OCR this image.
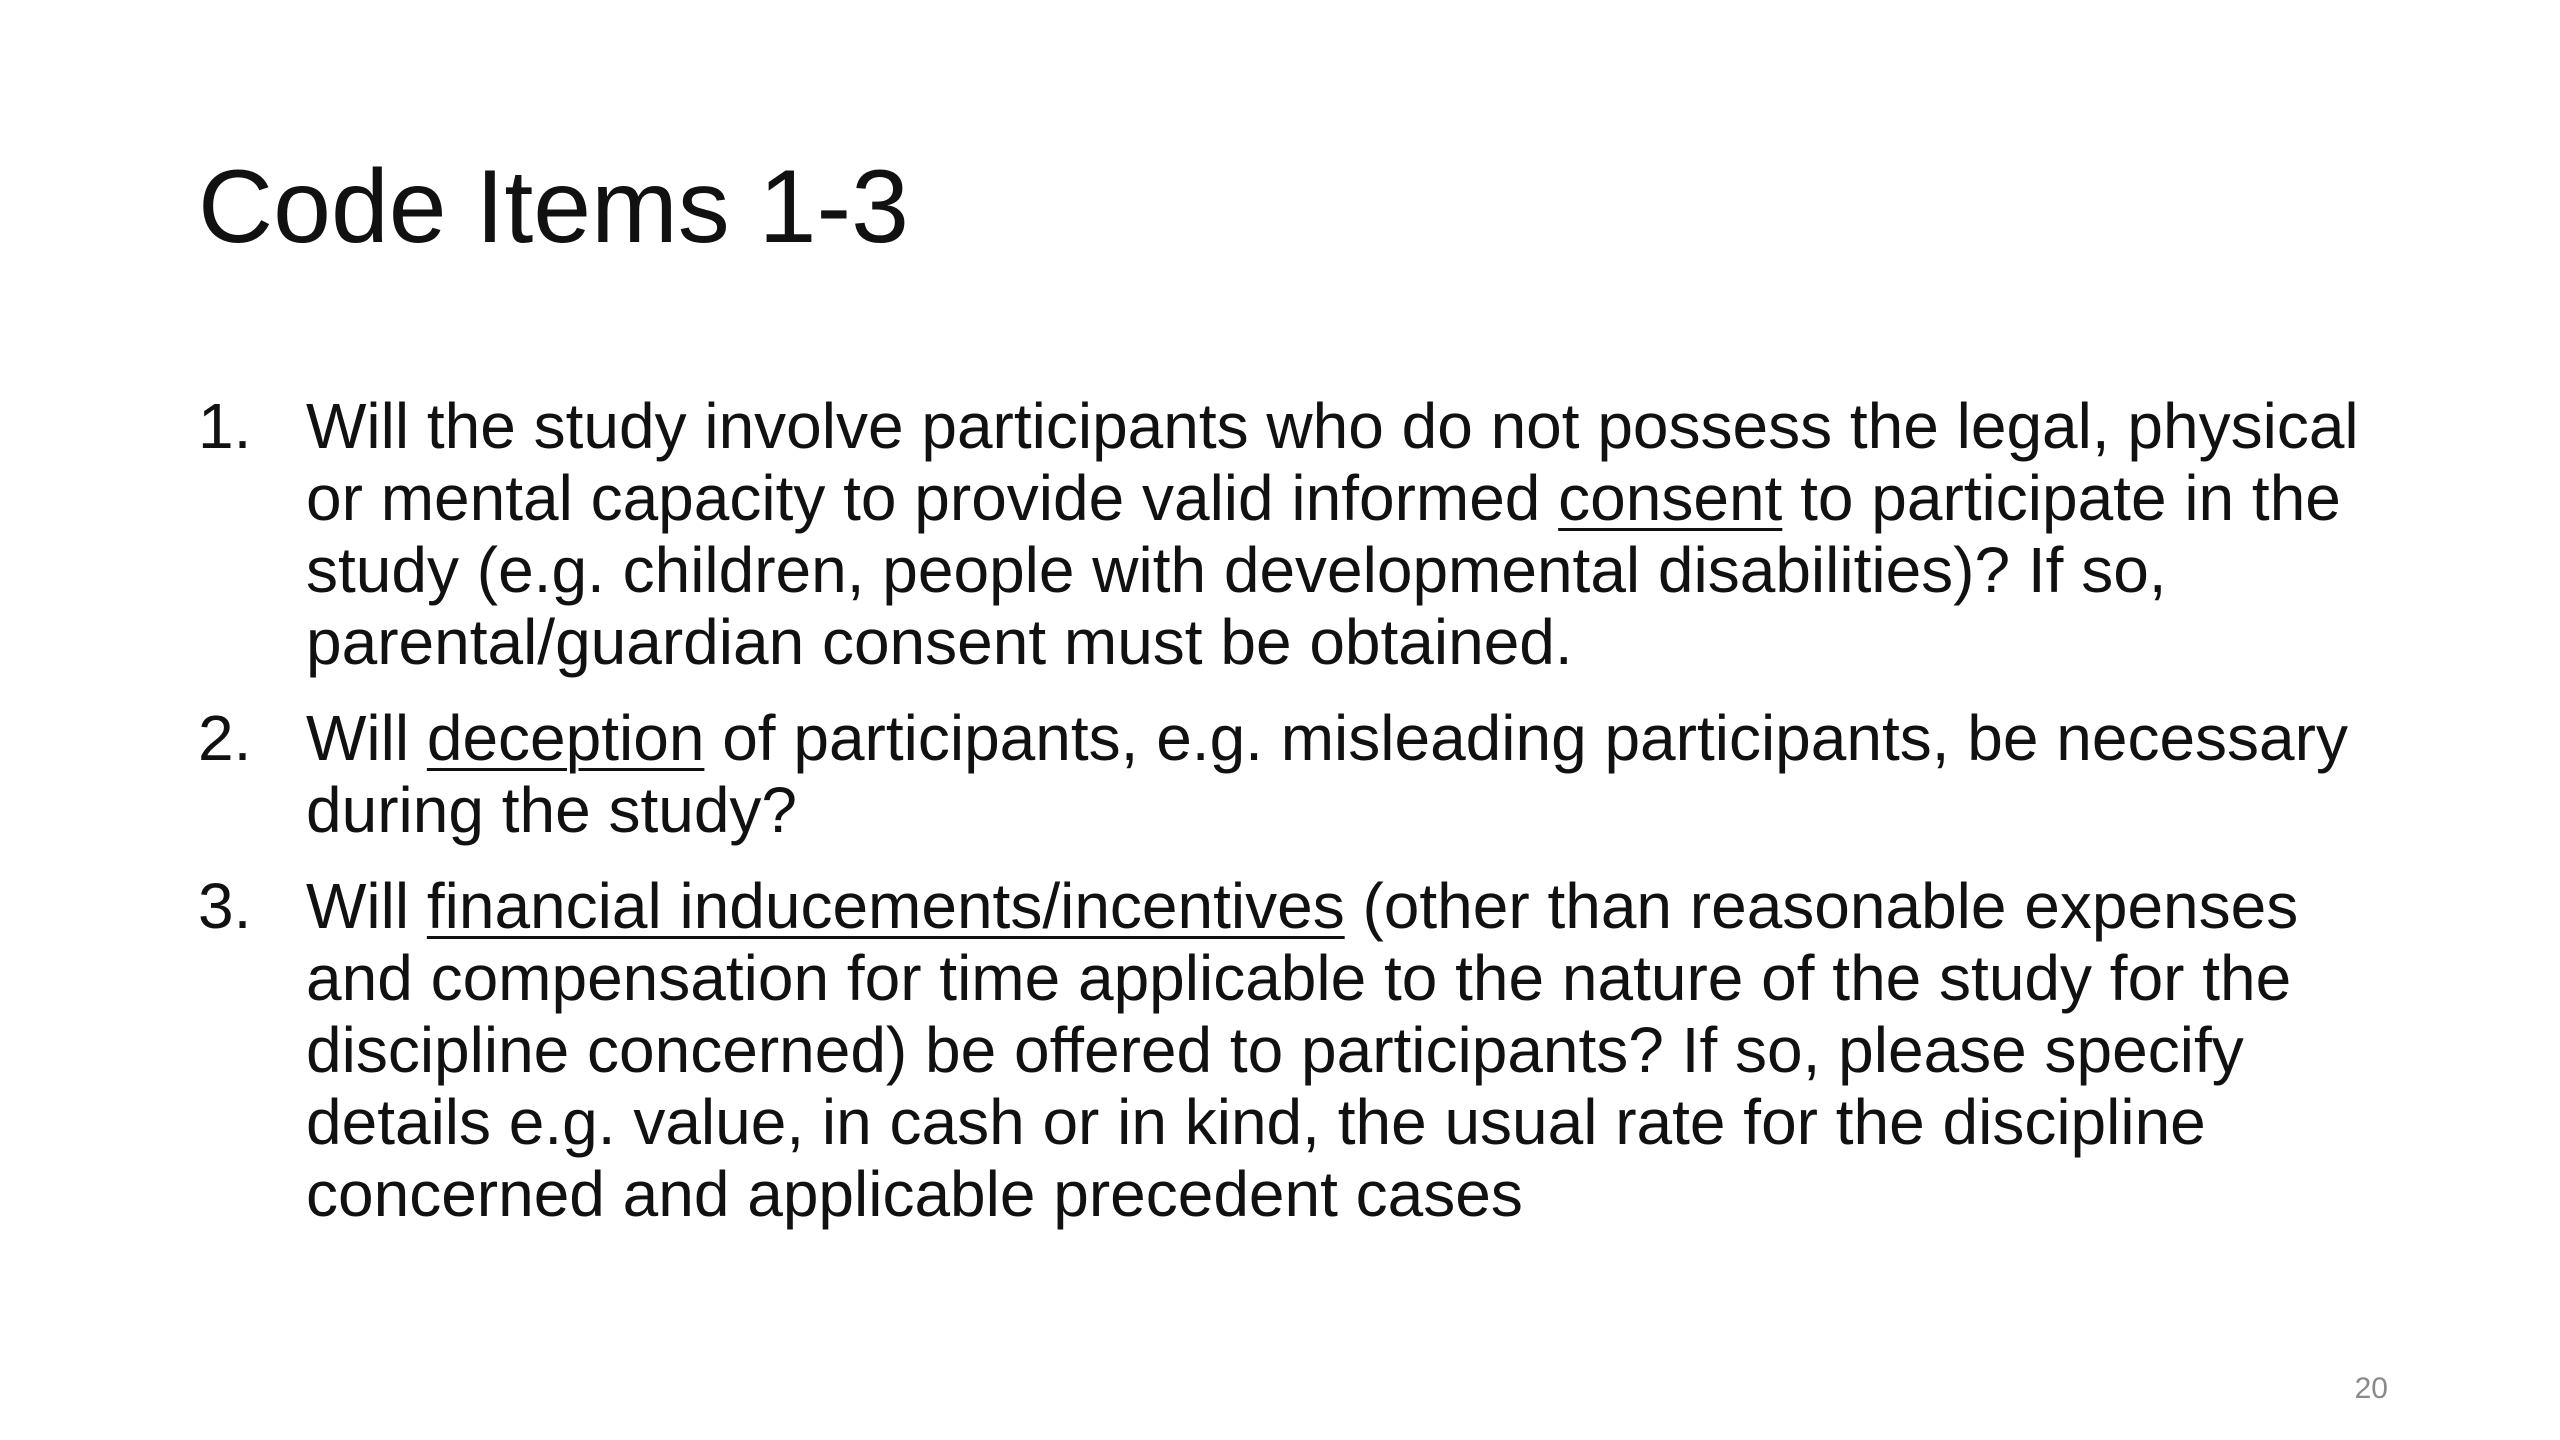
Code Items 1-3
1. Will the study involve participants who do not possess the legal, physical or mental capacity to provide valid informed consent to participate in the study (e.g. children, people with developmental disabilities)? If so, parental/guardian consent must be obtained.
2. Will deception of participants, e.g. misleading participants, be necessary during the study?
3. Will financial inducements/incentives (other than reasonable expenses and compensation for time applicable to the nature of the study for the discipline concerned) be offered to participants? If so, please specify details e.g. value, in cash or in kind, the usual rate for the discipline concerned and applicable precedent cases
20
